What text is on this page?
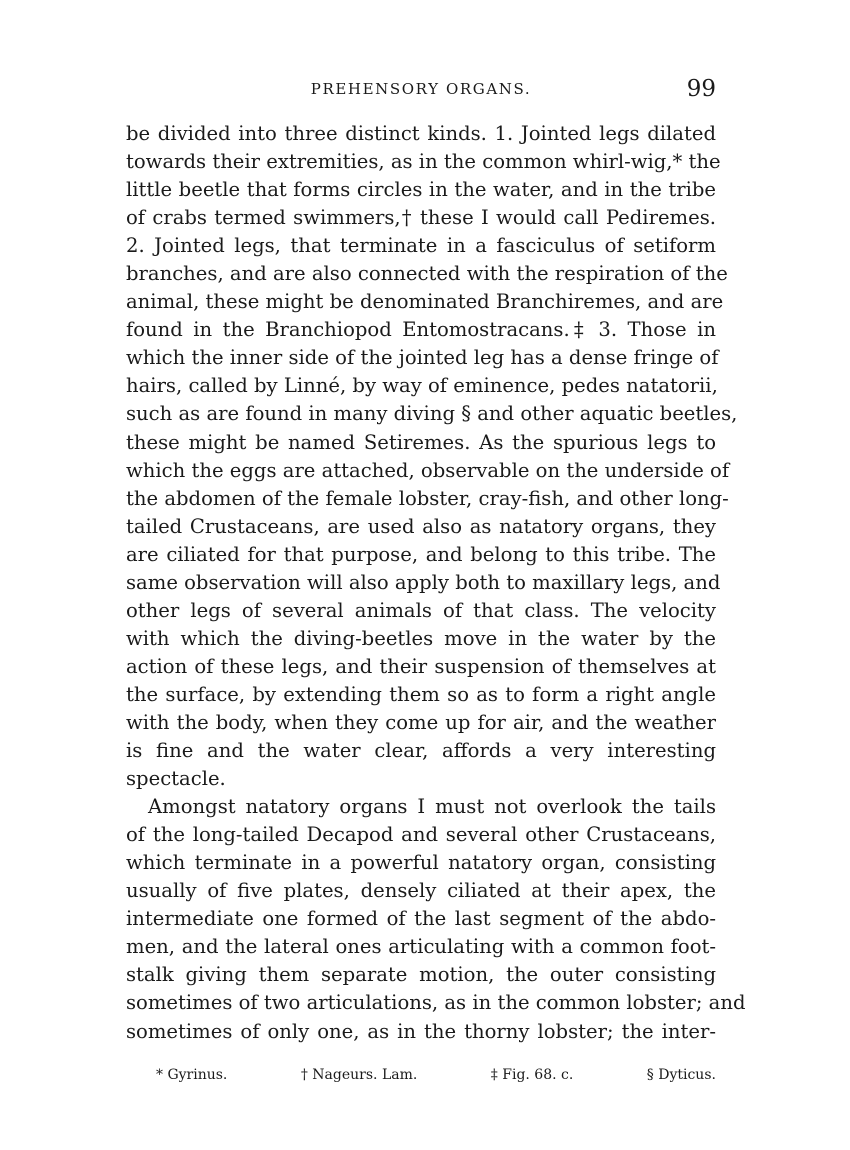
PREHENSORY ORGANS.	99
be divided into three distinct kinds. 1. Jointed legs dilated
towards their extremities, as in the common whirl-wig,* the
little beetle that forms circles in the water, and in the tribe
of crabs termed swimmers,† these I would call Pediremes.
2. Jointed legs, that terminate in a fasciculus of setiform
branches, and are also connected with the respiration of the
animal, these might be denominated Branchiremes, and are
found in the Branchiopod Entomostracans.‡ 3. Those in
which the inner side of the jointed leg has a dense fringe of
hairs, called by Linné, by way of eminence, pedes natatorii,
such as are found in many diving § and other aquatic beetles,
these might be named Setiremes. As the spurious legs to
which the eggs are attached, observable on the underside of
the abdomen of the female lobster, cray-fish, and other long-
tailed Crustaceans, are used also as natatory organs, they
are ciliated for that purpose, and belong to this tribe. The
same observation will also apply both to maxillary legs, and
other legs of several animals of that class. The velocity
with which the diving-beetles move in the water by the
action of these legs, and their suspension of themselves at
the surface, by extending them so as to form a right angle
with the body, when they come up for air, and the weather
is fine and the water clear, affords a very interesting
spectacle.
Amongst natatory organs I must not overlook the tails
of the long-tailed Decapod and several other Crustaceans,
which terminate in a powerful natatory organ, consisting
usually of five plates, densely ciliated at their apex, the
intermediate one formed of the last segment of the abdo-
men, and the lateral ones articulating with a common foot-
stalk giving them separate motion, the outer consisting
sometimes of two articulations, as in the common lobster; and
sometimes of only one, as in the thorny lobster; the inter-
* Gyrinus.	† Nageurs. Lam.	‡ Fig. 68. c.	§ Dyticus.
